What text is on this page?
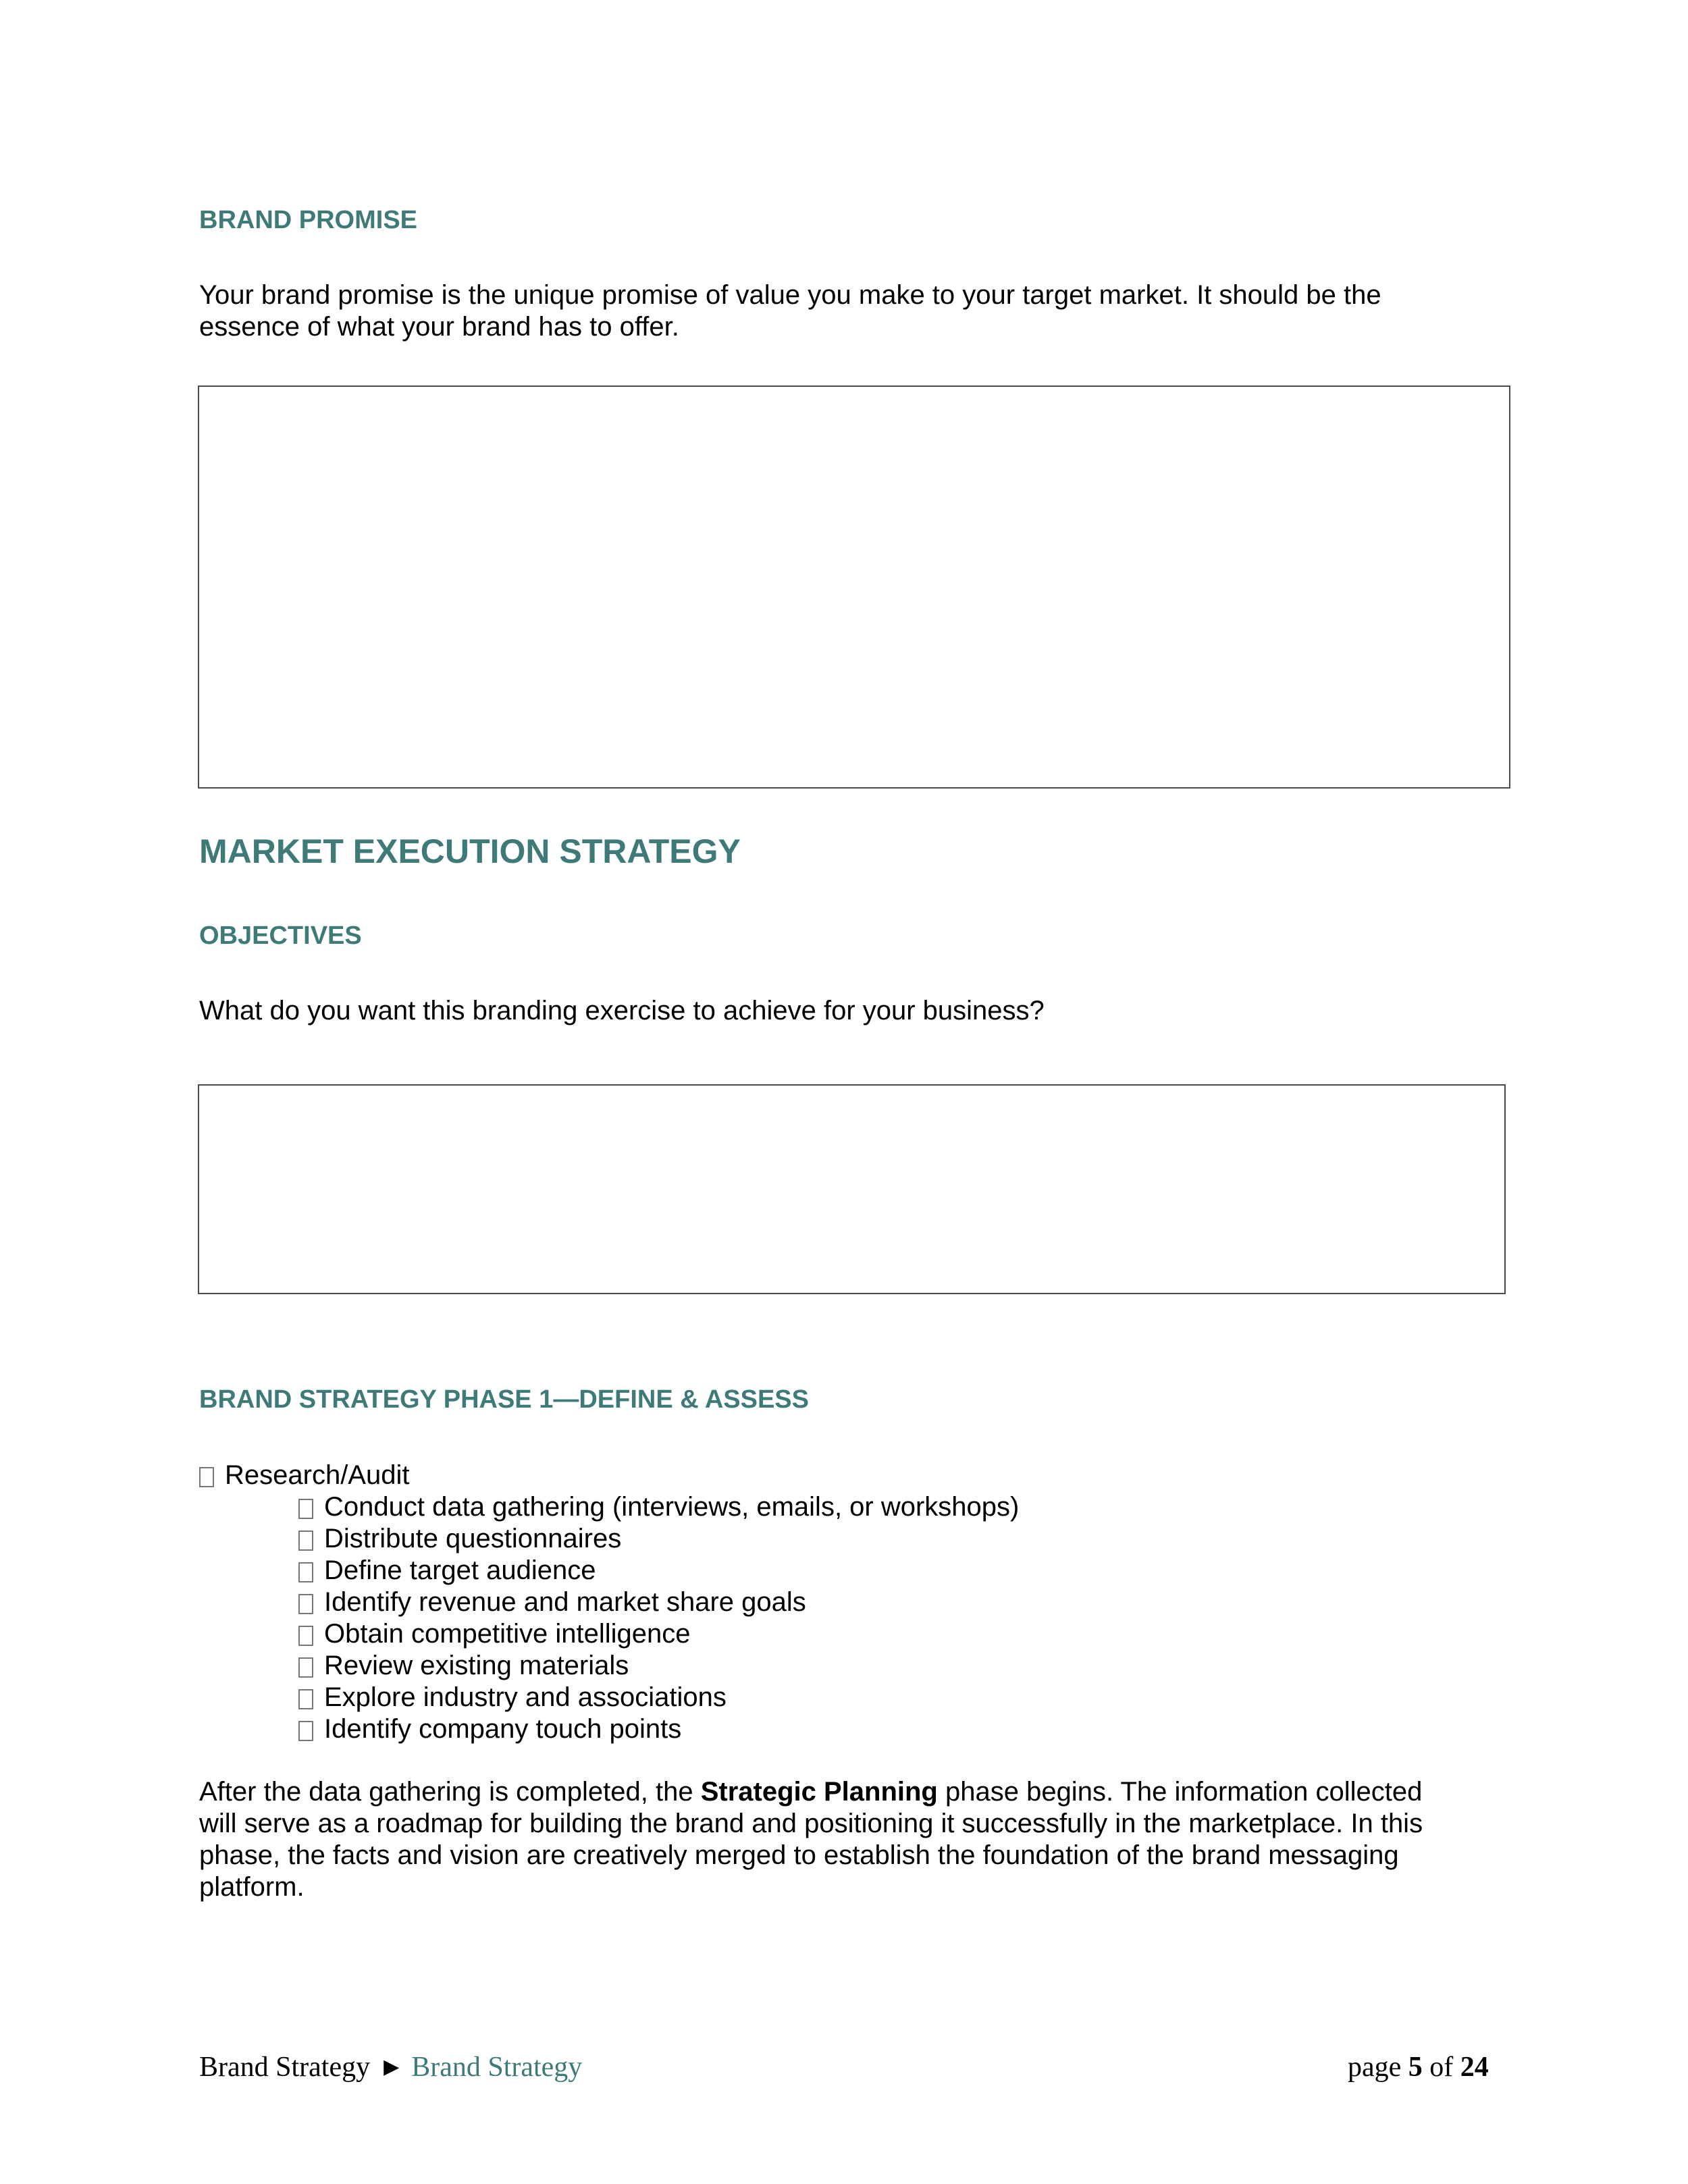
BRAND PROMISE

Your brand promise is the unique promise of value you make to your target market. It should be the

essence of what your brand has to offer.

MARKET EXECUTION STRATEGY
OBJECTIVES

What do you want this branding exercise to achieve for your business?

BRAND STRATEGY PHASE 1—DEFINE & ASSESS
Research/Audit
Conduct data gathering (interviews, emails, or workshops)
Distribute questionnaires
Define target audience
Identify revenue and market share goals
Obtain competitive intelligence
Review existing materials
Explore industry and associations
Identify company touch points

After the data gathering is completed, the Strategic Planning phase begins. The information collected

will serve as a roadmap for building the brand and positioning it successfully in the marketplace. In this

phase, the facts and vision are creatively merged to establish the foundation of the brand messaging

platform.

Brand Strategy ▶ Brand Strategy	page 5 of 24
